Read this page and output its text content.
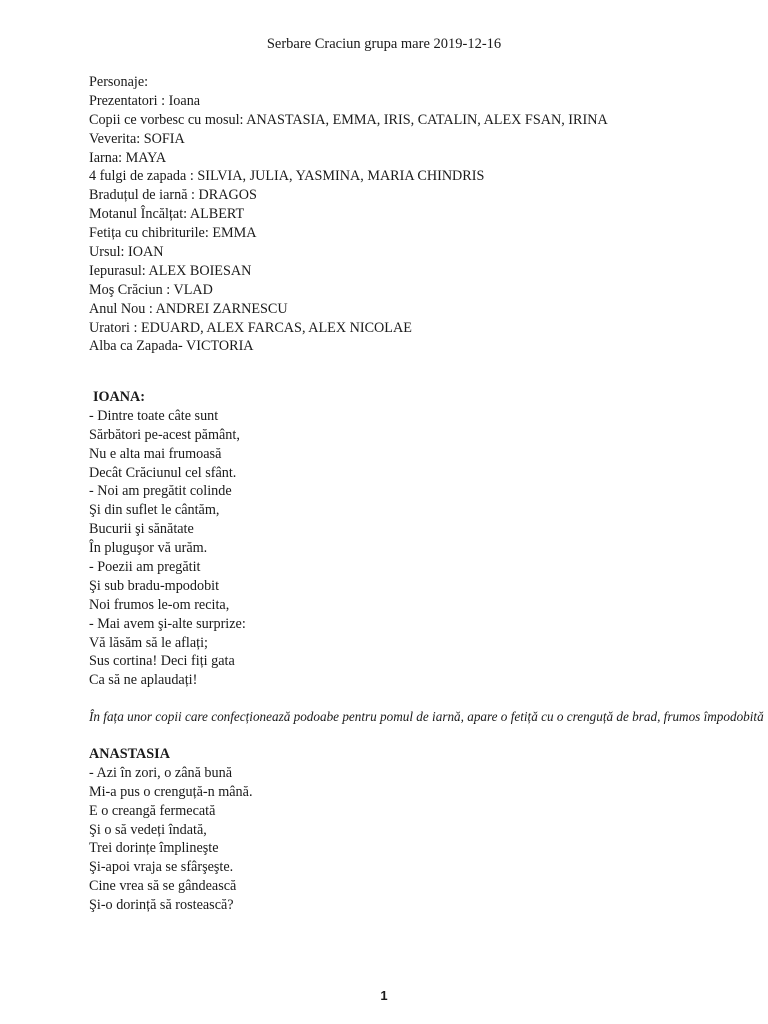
Serbare Craciun grupa mare 2019-12-16
Personaje:
Prezentatori : Ioana
Copii ce vorbesc cu mosul: ANASTASIA, EMMA, IRIS, CATALIN, ALEX FSAN, IRINA
Veverita: SOFIA
Iarna: MAYA
4 fulgi de zapada : SILVIA, JULIA, YASMINA, MARIA CHINDRIS
Braduțul de iarnă : DRAGOS
Motanul Încălțat: ALBERT
Fetița cu chibriturile: EMMA
Ursul: IOAN
Iepurasul: ALEX BOIESAN
Moş Crăciun : VLAD
Anul Nou : ANDREI ZARNESCU
Uratori : EDUARD, ALEX FARCAS, ALEX NICOLAE
Alba ca Zapada- VICTORIA
IOANA:
- Dintre toate câte sunt
Sărbători pe-acest pământ,
Nu e alta mai frumoasă
Decât Crăciunul cel sfânt.
- Noi am pregătit colinde
Şi din suflet le cântăm,
Bucurii şi sănătate
În pluguşor vă urăm.
- Poezii am pregătit
Şi sub bradu-mpodobit
Noi frumos le-om recita,
- Mai avem şi-alte surprize:
Vă lăsăm să le aflați;
Sus cortina! Deci fiți gata
Ca să ne aplaudați!
În fața unor copii care confecționează podoabe pentru pomul de iarnă, apare o fetiță cu o crenguță de brad, frumos împodobită
ANASTASIA
- Azi în zori, o zână bună
Mi-a pus o crenguță-n mână.
E o creangă fermecată
Şi o să vedeți îndată,
Trei dorințe împlineşte
Şi-apoi vraja se sfârşeşte.
Cine vrea să se gândească
Şi-o dorință să rostească?
1
